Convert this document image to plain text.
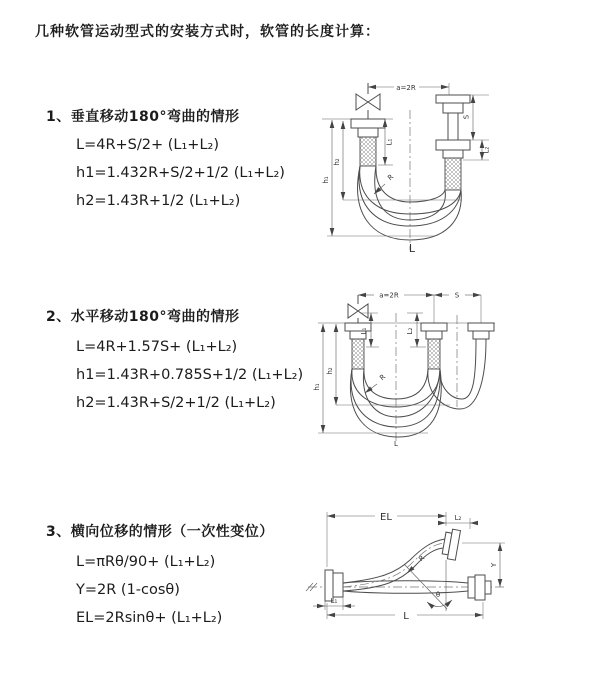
几种软管运动型式的安装方式时，软管的长度计算：
1、垂直移动180°弯曲的情形
L=4R+S/2+ (L₁+L₂)
h1=1.432R+S/2+1/2 (L₁+L₂)
h2=1.43R+1/2 (L₁+L₂)
2、水平移动180°弯曲的情形
L=4R+1.57S+ (L₁+L₂)
h1=1.43R+0.785S+1/2 (L₁+L₂)
h2=1.43R+S/2+1/2 (L₁+L₂)
3、横向位移的情形（一次性变位）
L=πRθ/90+ (L₁+L₂)
Y=2R (1-cosθ)
EL=2Rsinθ+ (L₁+L₂)
a=2R
S
L₂
L₁
h₁
h₂
R
L
a=2R	S
h₁
h₂
L₁	L₂
R
L
EL	L₂
Y
L
L₁
R
θ
